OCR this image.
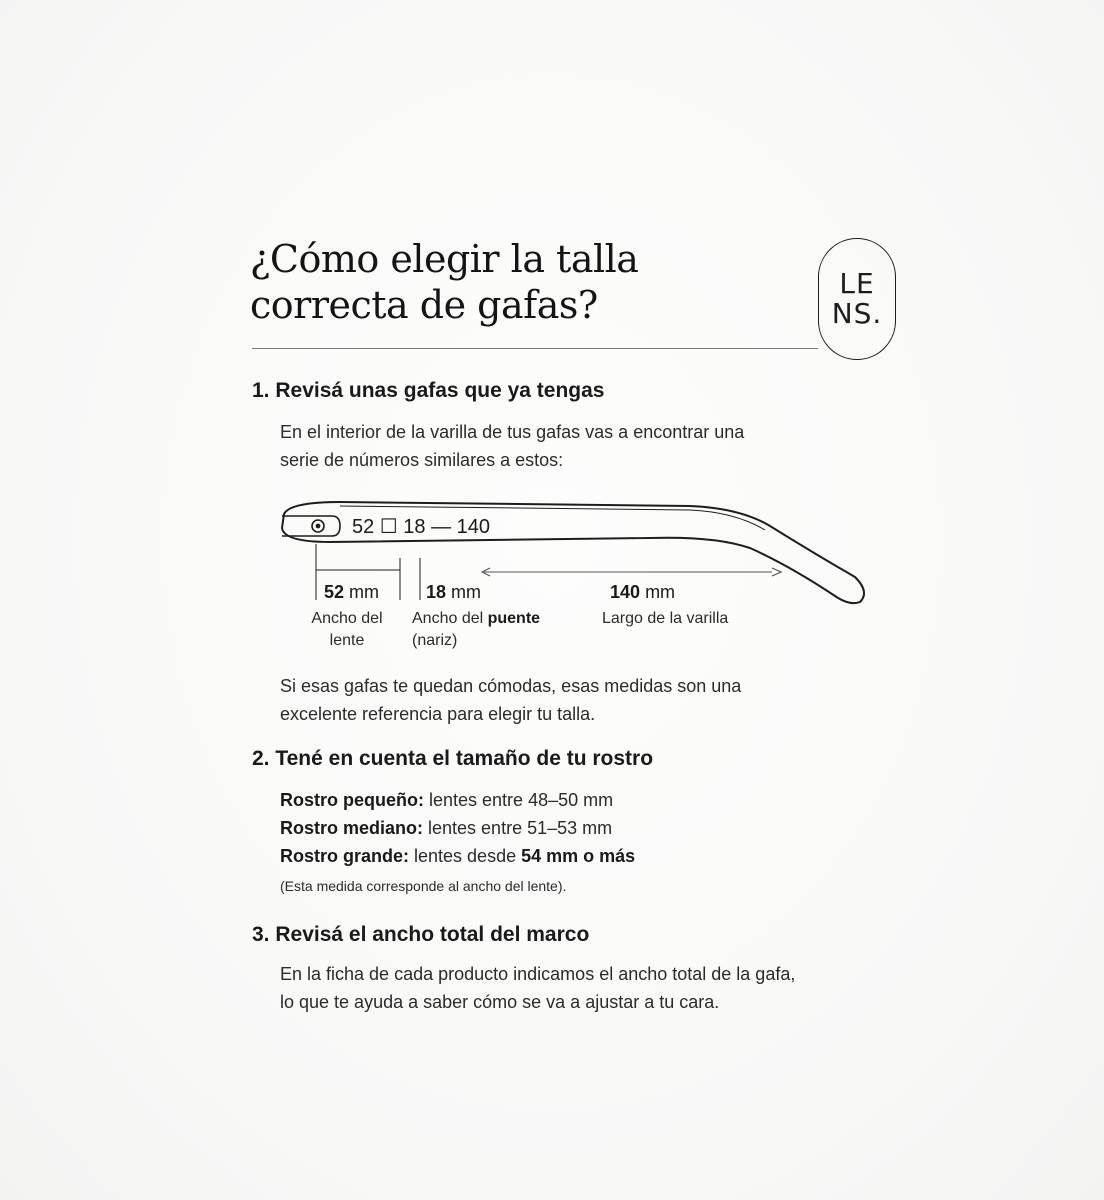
¿Cómo elegir la talla
correcta de gafas?	LE
NS.
1. Revisá unas gafas que ya tengas

En el interior de la varilla de tus gafas vas a encontrar una
serie de números similares a estos:

52 ☐ 18 — 140
52 mm	18 mm	140 mm
Ancho del
lente
Ancho del puente
(nariz)
Largo de la varilla

Si esas gafas te quedan cómodas, esas medidas son una
excelente referencia para elegir tu talla.

2. Tené en cuenta el tamaño de tu rostro
Rostro pequeño: lentes entre 48–50 mm
Rostro mediano: lentes entre 51–53 mm
Rostro grande: lentes desde 54 mm o más
(Esta medida corresponde al ancho del lente).
3. Revisá el ancho total del marco

En la ficha de cada producto indicamos el ancho total de la gafa,
lo que te ayuda a saber cómo se va a ajustar a tu cara.
